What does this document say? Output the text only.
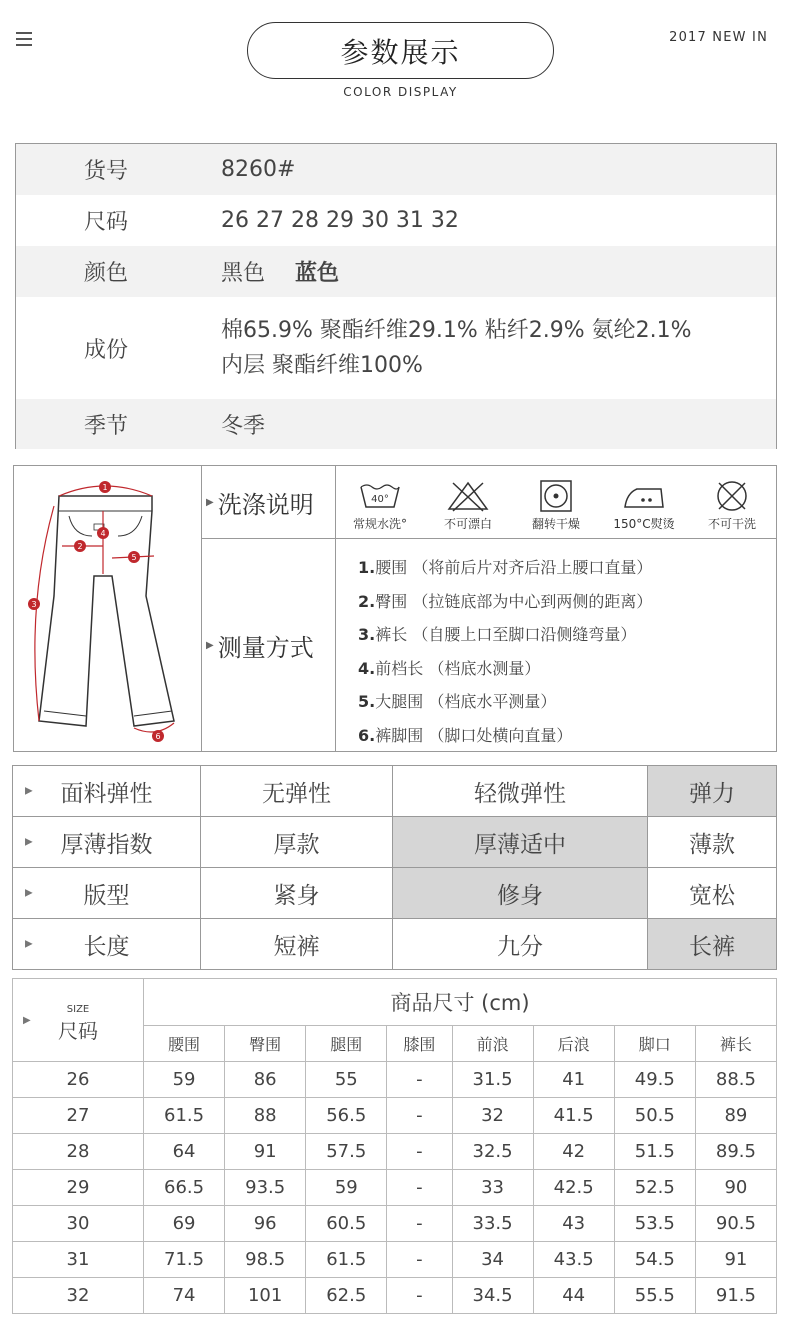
参数展示
COLOR DISPLAY
2017 NEW IN
货号	8260#
尺码	26 27 28 29 30 31 32
颜色	黑色 蓝色
成份
棉65.9% 聚酯纤维29.1% 粘纤2.9% 氨纶2.1%
内层 聚酯纤维100%
季节	冬季
1
2
3
4
5
6
▶ 洗涤说明
▶ 测量方式
40°
常规水洗°	不可漂白	翻转干燥	150°C熨烫	不可干洗
1.腰围 （将前后片对齐后沿上腰口直量）
2.臀围 （拉链底部为中心到两侧的距离）
3.裤长 （自腰上口至脚口沿侧缝弯量）
4.前档长 （档底水测量）
5.大腿围 （档底水平测量）
6.裤脚围 （脚口处横向直量）
▶ 面料弹性	无弹性	轻微弹性	弹力

▶ 厚薄指数	厚款	厚薄适中	薄款

▶ 版型	紧身	修身	宽松

▶ 长度	短裤	九分	长裤
▶
SIZE
尺码	商品尺寸 (cm)							
	腰围	臀围	腿围	膝围	前浪	后浪	脚口	裤长
26	59	86	55	-	31.5	41	49.5	88.5
27	61.5	88	56.5	-	32	41.5	50.5	89
28	64	91	57.5	-	32.5	42	51.5	89.5
29	66.5	93.5	59	-	33	42.5	52.5	90
30	69	96	60.5	-	33.5	43	53.5	90.5
31	71.5	98.5	61.5	-	34	43.5	54.5	91
32	74	101	62.5	-	34.5	44	55.5	91.5
